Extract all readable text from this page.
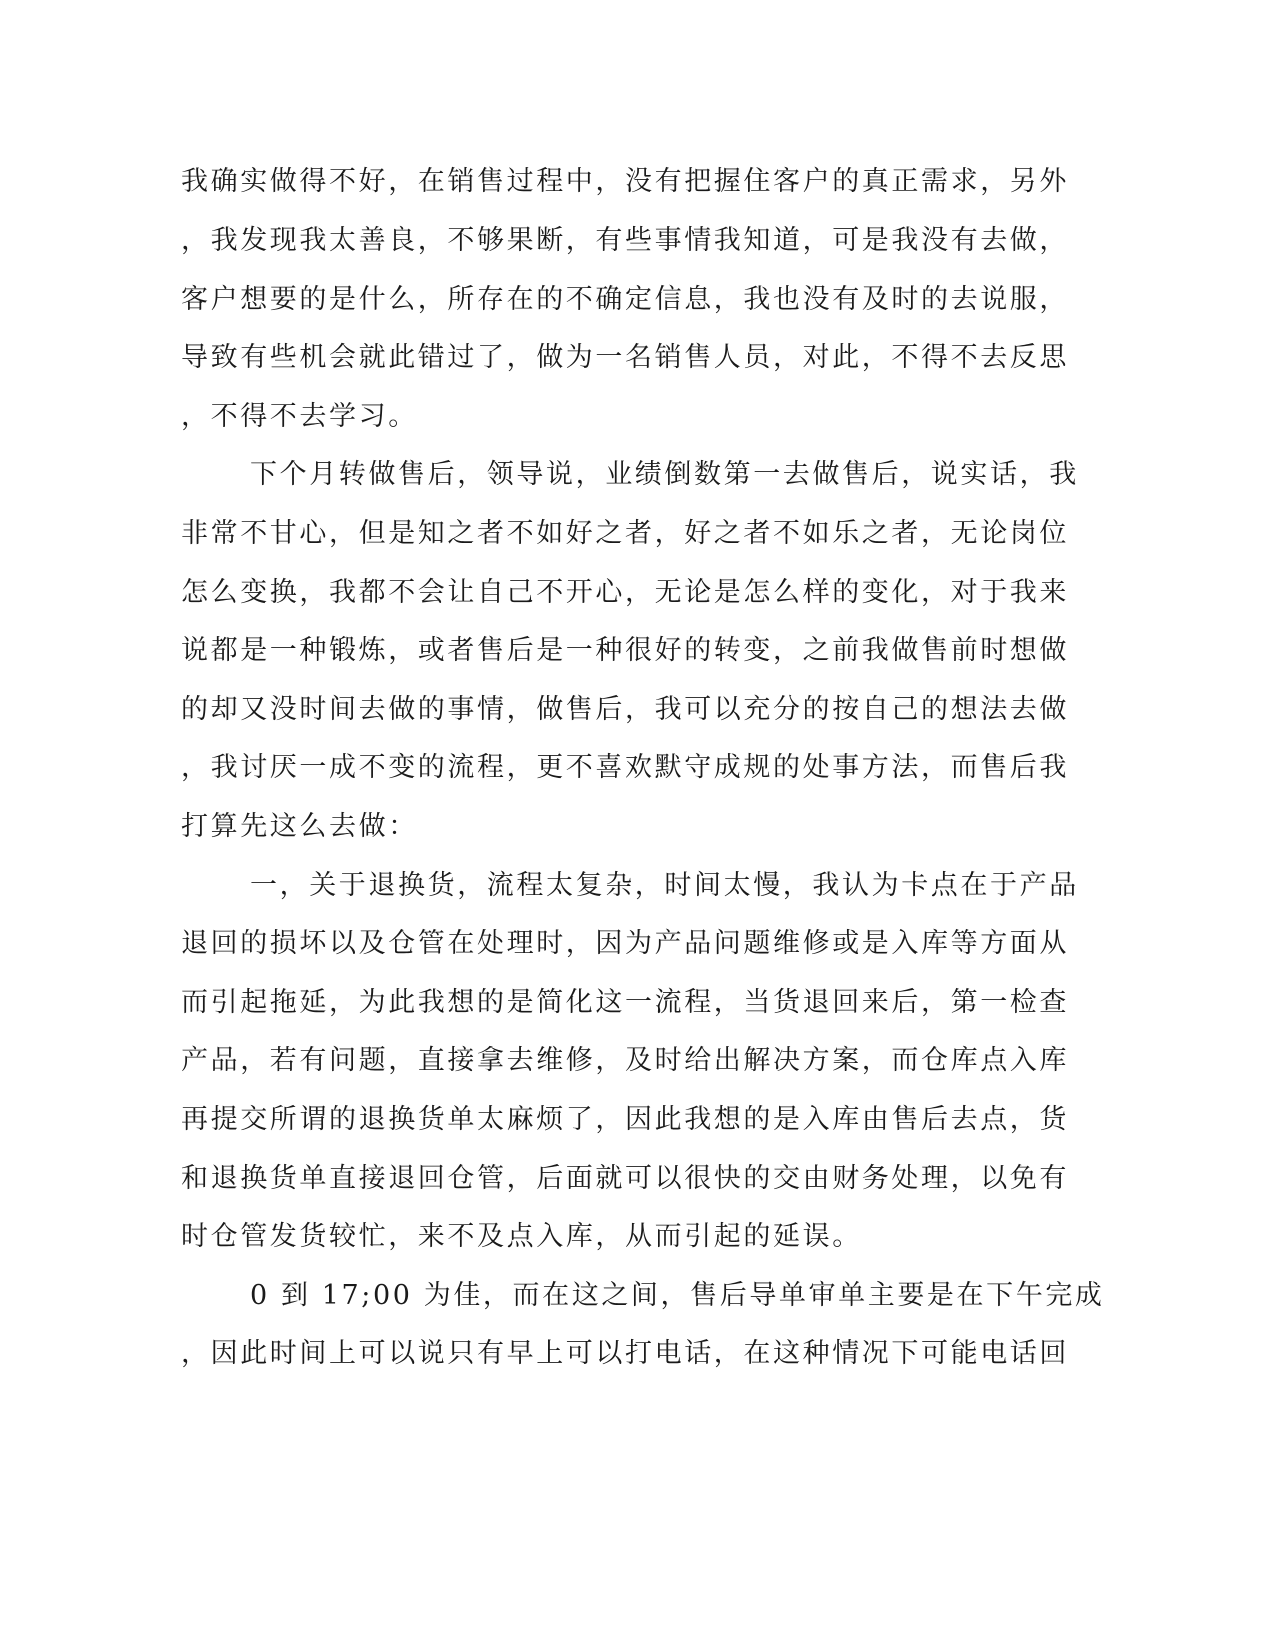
我确实做得不好，在销售过程中，没有把握住客户的真正需求，另外
，我发现我太善良，不够果断，有些事情我知道，可是我没有去做，
客户想要的是什么，所存在的不确定信息，我也没有及时的去说服，
导致有些机会就此错过了，做为一名销售人员，对此，不得不去反思
，不得不去学习。
下个月转做售后，领导说，业绩倒数第一去做售后，说实话，我
非常不甘心，但是知之者不如好之者，好之者不如乐之者，无论岗位
怎么变换，我都不会让自己不开心，无论是怎么样的变化，对于我来
说都是一种锻炼，或者售后是一种很好的转变，之前我做售前时想做
的却又没时间去做的事情，做售后，我可以充分的按自己的想法去做
，我讨厌一成不变的流程，更不喜欢默守成规的处事方法，而售后我
打算先这么去做：
一，关于退换货，流程太复杂，时间太慢，我认为卡点在于产品
退回的损坏以及仓管在处理时，因为产品问题维修或是入库等方面从
而引起拖延，为此我想的是简化这一流程，当货退回来后，第一检查
产品，若有问题，直接拿去维修，及时给出解决方案，而仓库点入库
再提交所谓的退换货单太麻烦了，因此我想的是入库由售后去点，货
和退换货单直接退回仓管，后面就可以很快的交由财务处理，以免有
时仓管发货较忙，来不及点入库，从而引起的延误。
0 到 17;00 为佳，而在这之间，售后导单审单主要是在下午完成
，因此时间上可以说只有早上可以打电话，在这种情况下可能电话回
